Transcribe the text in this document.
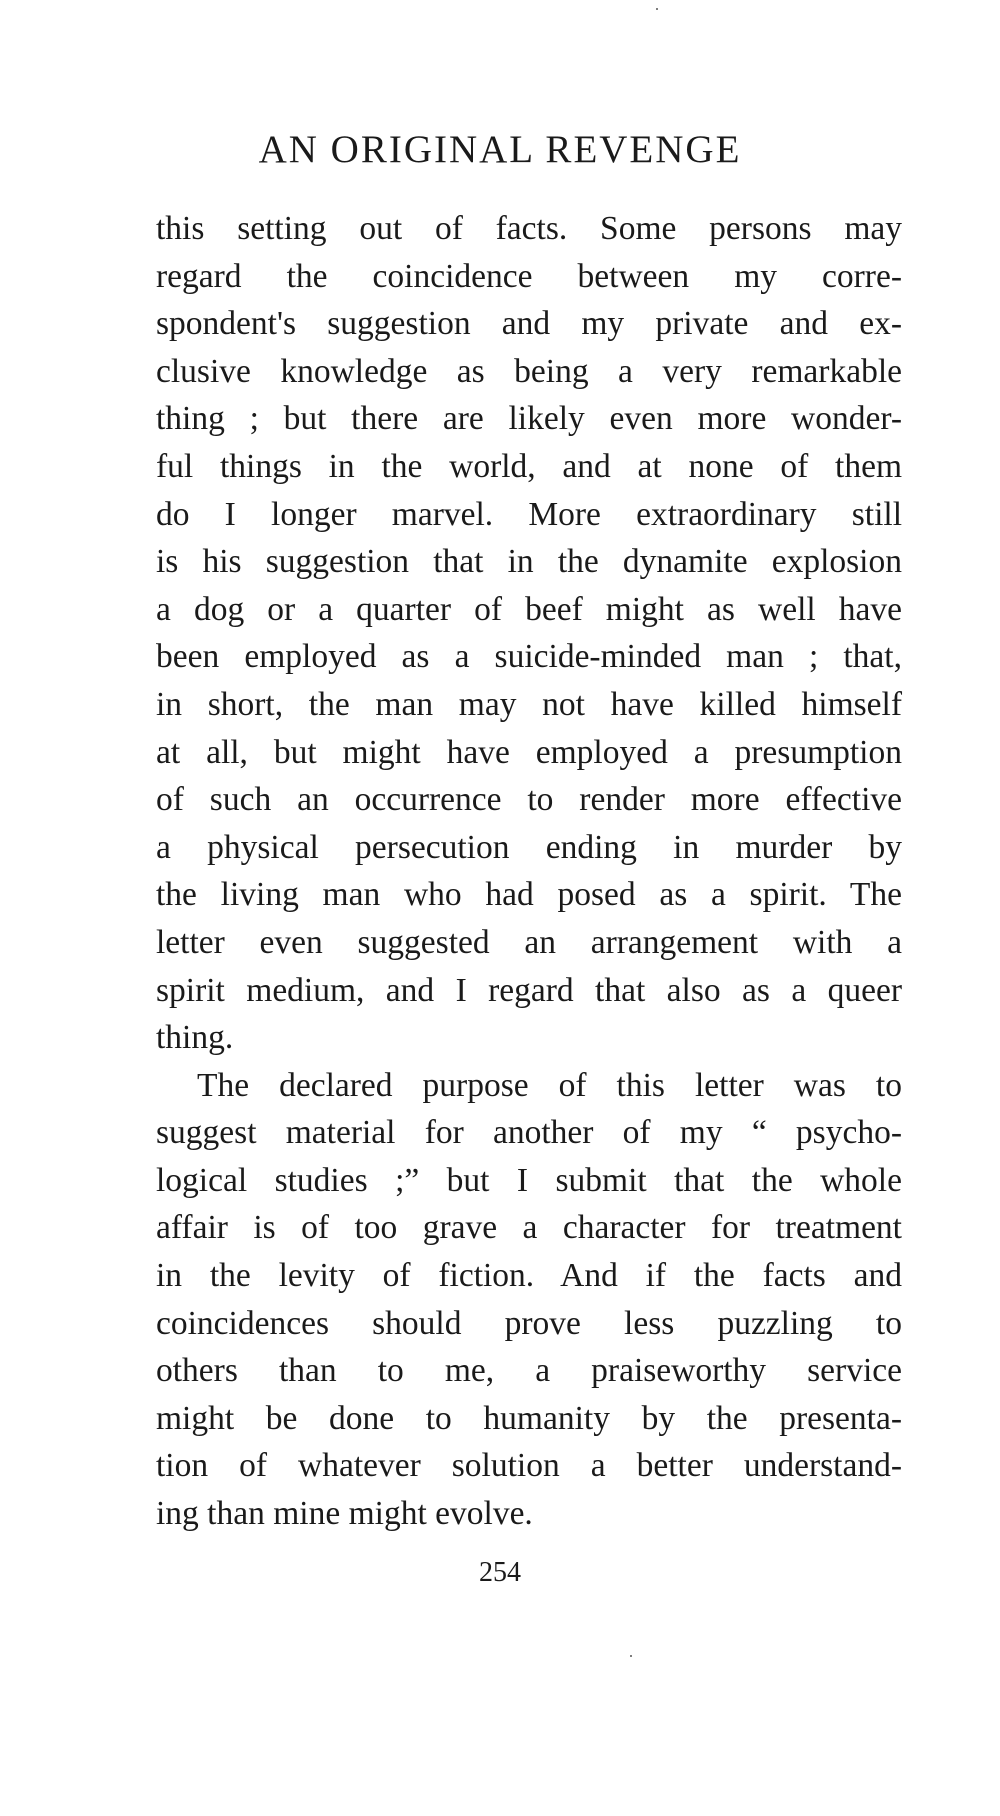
AN ORIGINAL REVENGE
this setting out of facts. Some persons may
regard the coincidence between my corre-
spondent's suggestion and my private and ex-
clusive knowledge as being a very remarkable
thing ; but there are likely even more wonder-
ful things in the world, and at none of them
do I longer marvel. More extraordinary still
is his suggestion that in the dynamite explosion
a dog or a quarter of beef might as well have
been employed as a suicide-minded man ; that,
in short, the man may not have killed himself
at all, but might have employed a presumption
of such an occurrence to render more effective
a physical persecution ending in murder by
the living man who had posed as a spirit. The
letter even suggested an arrangement with a
spirit medium, and I regard that also as a queer
thing.
The declared purpose of this letter was to
suggest material for another of my “ psycho-
logical studies ;” but I submit that the whole
affair is of too grave a character for treatment
in the levity of fiction. And if the facts and
coincidences should prove less puzzling to
others than to me, a praiseworthy service
might be done to humanity by the presenta-
tion of whatever solution a better understand-
ing than mine might evolve.
254
